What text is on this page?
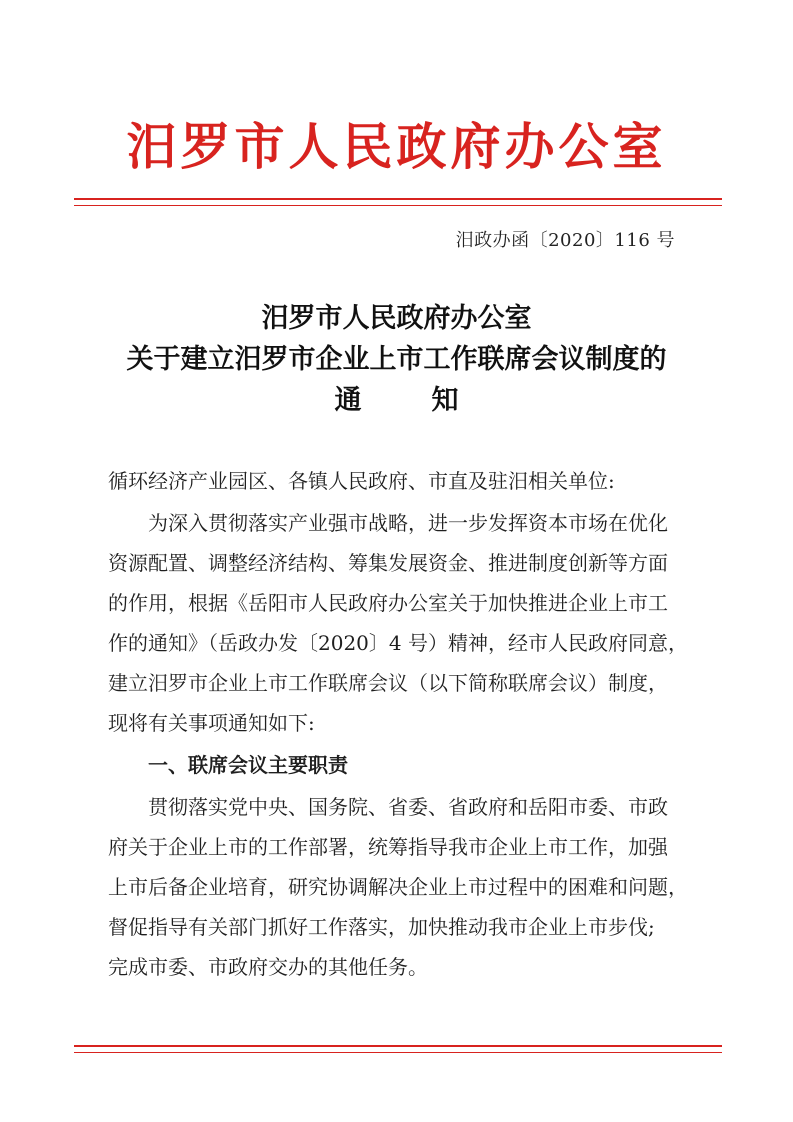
汨罗市人民政府办公室
汨政办函〔2020〕116 号
汨罗市人民政府办公室
关于建立汨罗市企业上市工作联席会议制度的
通知
循环经济产业园区、各镇人民政府、市直及驻汨相关单位:
为深入贯彻落实产业强市战略，进一步发挥资本市场在优化
资源配置、调整经济结构、筹集发展资金、推进制度创新等方面
的作用，根据《岳阳市人民政府办公室关于加快推进企业上市工
作的通知》（岳政办发〔2020〕4 号）精神，经市人民政府同意，
建立汨罗市企业上市工作联席会议（以下简称联席会议）制度，
现将有关事项通知如下:
一、联席会议主要职责
贯彻落实党中央、国务院、省委、省政府和岳阳市委、市政
府关于企业上市的工作部署，统筹指导我市企业上市工作，加强
上市后备企业培育，研究协调解决企业上市过程中的困难和问题，
督促指导有关部门抓好工作落实，加快推动我市企业上市步伐;
完成市委、市政府交办的其他任务。
